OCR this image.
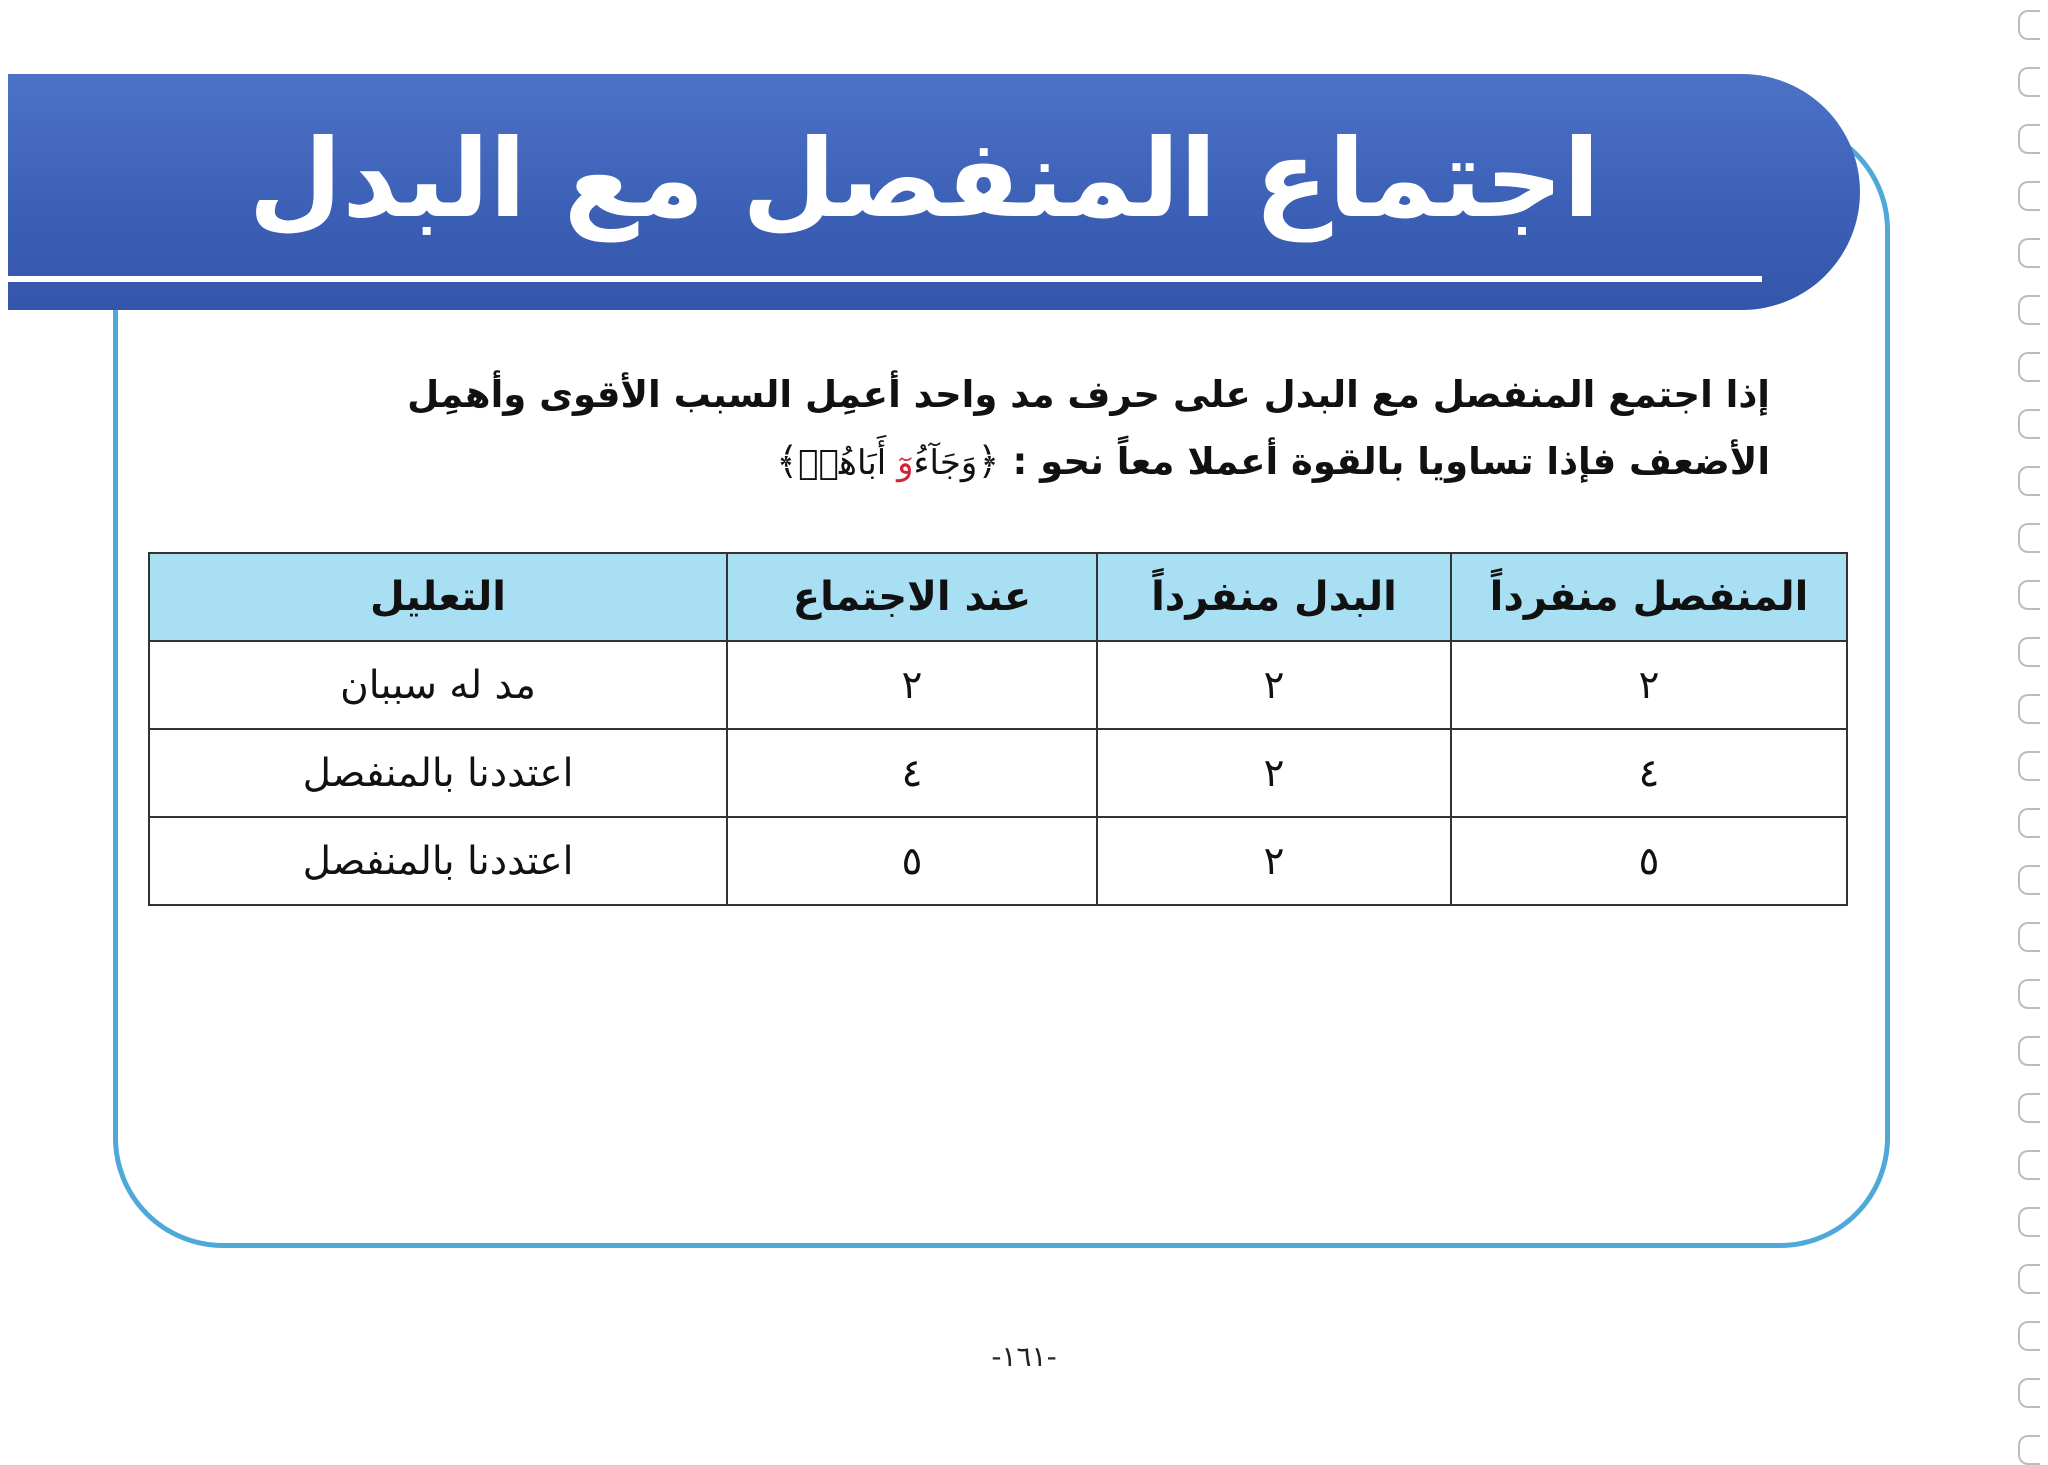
اجتماع المنفصل مع البدل
إذا اجتمع المنفصل مع البدل على حرف مد واحد أعمِل السبب الأقوى وأهمِل
الأضعف فإذا تساويا بالقوة أعملا معاً نحو : ﴿وَجَآءُوٓ أَبَاهُمۡ﴾
المنفصل منفرداً	البدل منفرداً	عند الاجتماع	التعليل
٢	٢	٢	مد له سببان
٤	٢	٤	اعتددنا بالمنفصل
٥	٢	٥	اعتددنا بالمنفصل
-١٦١-
